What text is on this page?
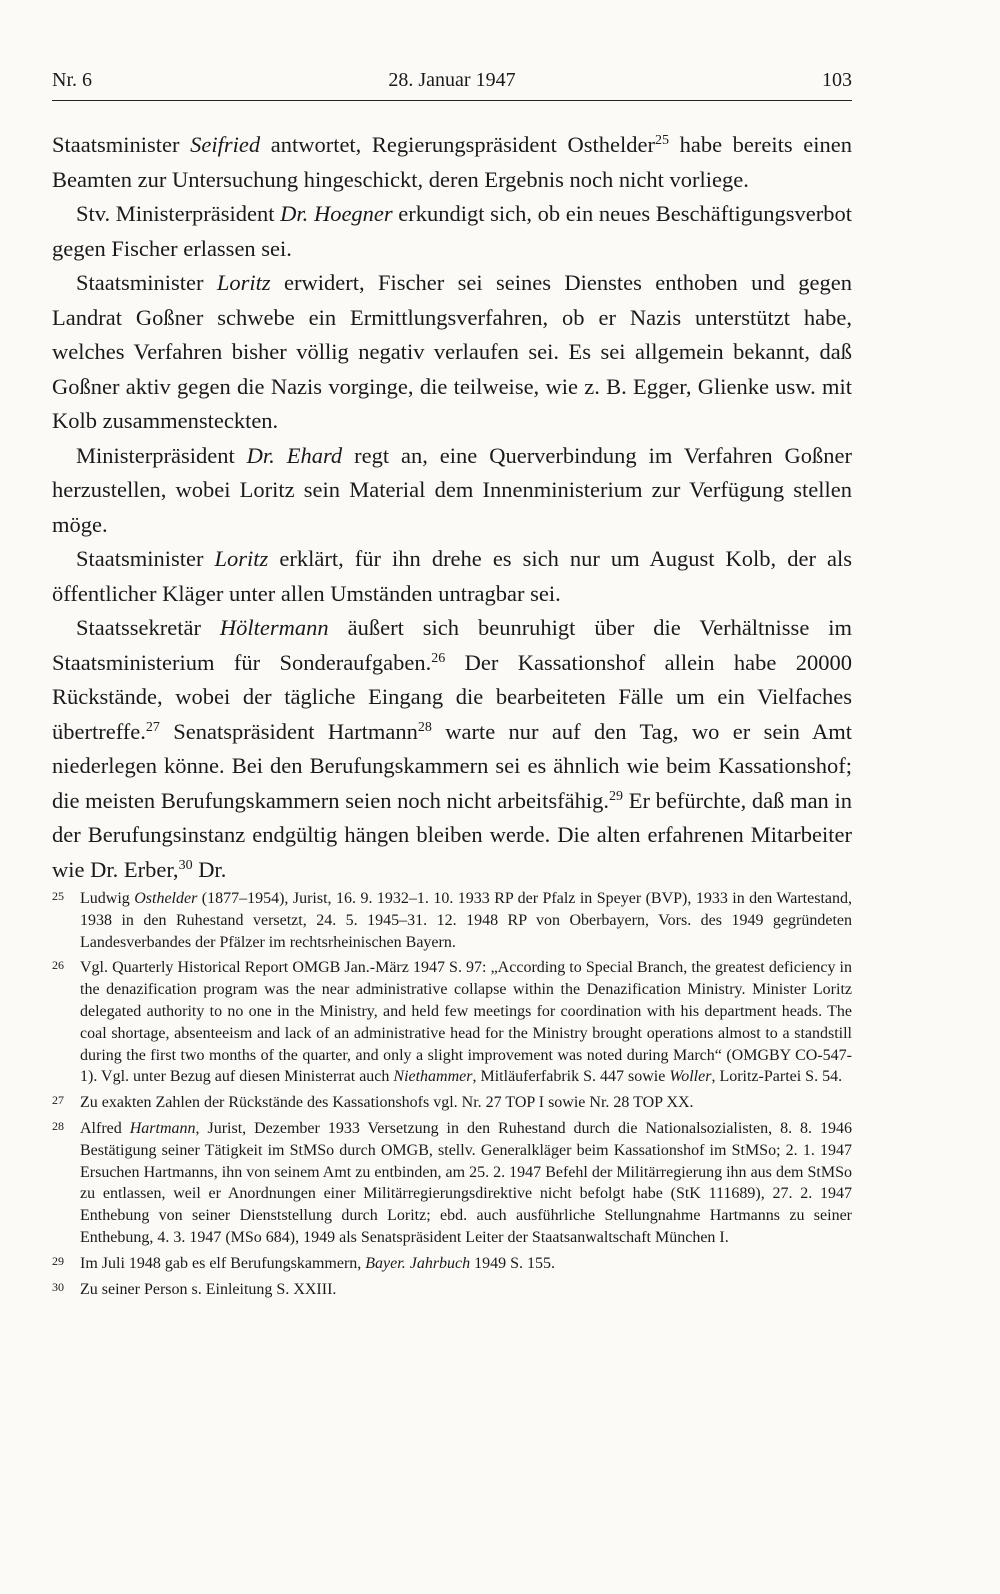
Nr. 6	28. Januar 1947	103

Staatsminister Seifried antwortet, Regierungspräsident Osthelder$^{25}$ habe bereits einen Beamten zur Untersuchung hingeschickt, deren Ergebnis noch nicht vorliege.

Stv. Ministerpräsident Dr. Hoegner erkundigt sich, ob ein neues Beschäftigungsverbot gegen Fischer erlassen sei.

Staatsminister Loritz erwidert, Fischer sei seines Dienstes enthoben und gegen Landrat Goßner schwebe ein Ermittlungsverfahren, ob er Nazis unterstützt habe, welches Verfahren bisher völlig negativ verlaufen sei. Es sei allgemein bekannt, daß Goßner aktiv gegen die Nazis vorginge, die teilweise, wie z. B. Egger, Glienke usw. mit Kolb zusammensteckten.

Ministerpräsident Dr. Ehard regt an, eine Querverbindung im Verfahren Goßner herzustellen, wobei Loritz sein Material dem Innenministerium zur Verfügung stellen möge.

Staatsminister Loritz erklärt, für ihn drehe es sich nur um August Kolb, der als öffentlicher Kläger unter allen Umständen untragbar sei.

Staatssekretär Höltermann äußert sich beunruhigt über die Verhältnisse im Staatsministerium für Sonderaufgaben.$^{26}$ Der Kassationshof allein habe 20000 Rückstände, wobei der tägliche Eingang die bearbeiteten Fälle um ein Vielfaches übertreffe.$^{27}$ Senatspräsident Hartmann$^{28}$ warte nur auf den Tag, wo er sein Amt niederlegen könne. Bei den Berufungskammern sei es ähnlich wie beim Kassationshof; die meisten Berufungskammern seien noch nicht arbeitsfähig.$^{29}$ Er befürchte, daß man in der Berufungsinstanz endgültig hängen bleiben werde. Die alten erfahrenen Mitarbeiter wie Dr. Erber,$^{30}$ Dr.

25 Ludwig Osthelder (1877–1954), Jurist, 16. 9. 1932–1. 10. 1933 RP der Pfalz in Speyer (BVP), 1933 in den Wartestand, 1938 in den Ruhestand versetzt, 24. 5. 1945–31. 12. 1948 RP von Oberbayern, Vors. des 1949 gegründeten Landesverbandes der Pfälzer im rechtsrheinischen Bayern.
26 Vgl. Quarterly Historical Report OMGB Jan.-März 1947 S. 97: „According to Special Branch, the greatest deficiency in the denazification program was the near administrative collapse within the Denazification Ministry. Minister Loritz delegated authority to no one in the Ministry, and held few meetings for coordination with his department heads. The coal shortage, absenteeism and lack of an administrative head for the Ministry brought operations almost to a standstill during the first two months of the quarter, and only a slight improvement was noted during March“ (OMGBY CO-547-1). Vgl. unter Bezug auf diesen Ministerrat auch Niethammer, Mitläuferfabrik S. 447 sowie Woller, Loritz-Partei S. 54.
27 Zu exakten Zahlen der Rückstände des Kassationshofs vgl. Nr. 27 TOP I sowie Nr. 28 TOP XX.
28 Alfred Hartmann, Jurist, Dezember 1933 Versetzung in den Ruhestand durch die Nationalsozialisten, 8. 8. 1946 Bestätigung seiner Tätigkeit im StMSo durch OMGB, stellv. Generalkläger beim Kassationshof im StMSo; 2. 1. 1947 Ersuchen Hartmanns, ihn von seinem Amt zu entbinden, am 25. 2. 1947 Befehl der Militärregierung ihn aus dem StMSo zu entlassen, weil er Anordnungen einer Militärregierungsdirektive nicht befolgt habe (StK 111689), 27. 2. 1947 Enthebung von seiner Dienststellung durch Loritz; ebd. auch ausführliche Stellungnahme Hartmanns zu seiner Enthebung, 4. 3. 1947 (MSo 684), 1949 als Senatspräsident Leiter der Staatsanwaltschaft München I.
29 Im Juli 1948 gab es elf Berufungskammern, Bayer. Jahrbuch 1949 S. 155.
30 Zu seiner Person s. Einleitung S. XXIII.
